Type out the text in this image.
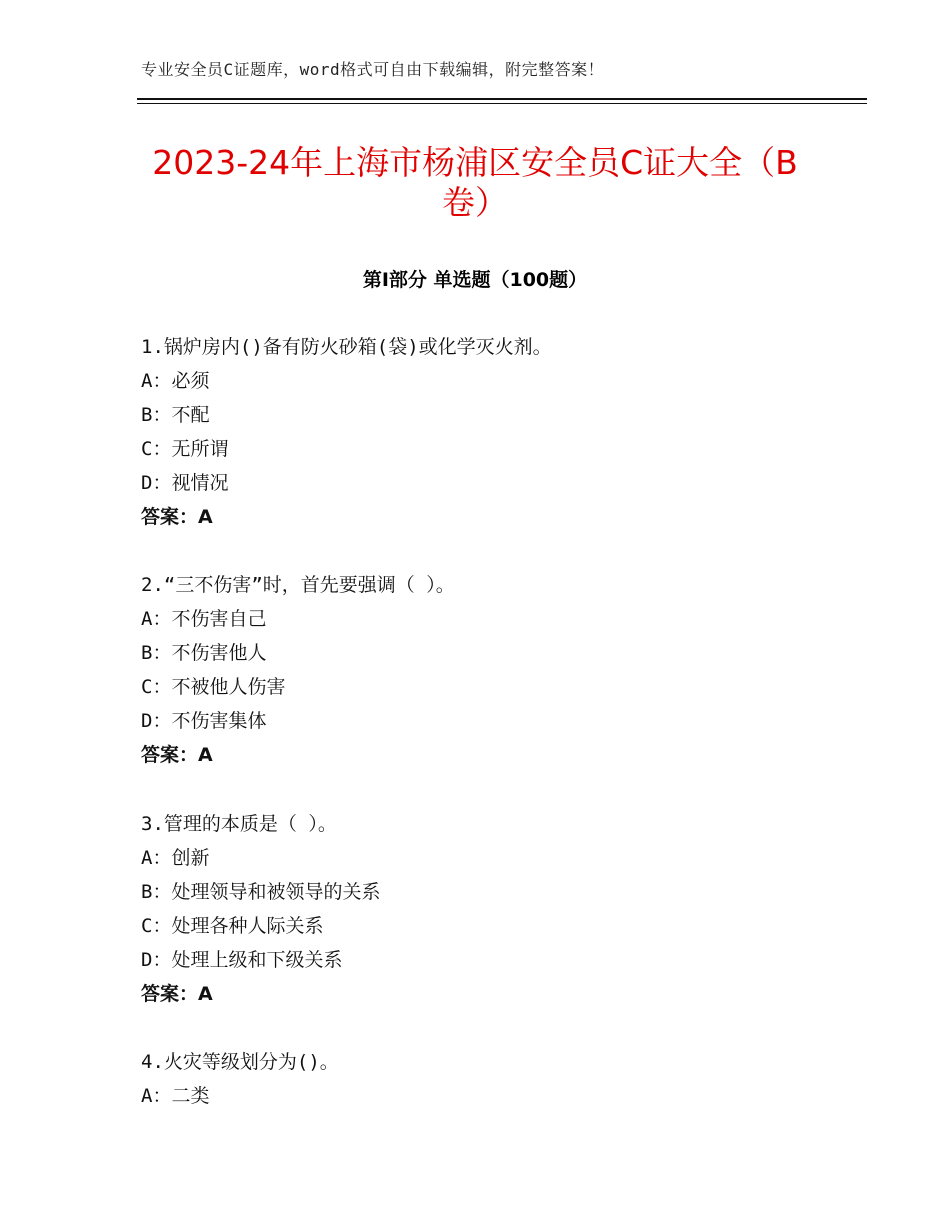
专业安全员C证题库，word格式可自由下载编辑，附完整答案！
2023-24年上海市杨浦区安全员C证大全（B
卷）
第Ⅰ部分 单选题（100题）
1.锅炉房内()备有防火砂箱(袋)或化学灭火剂。
A：必须
B：不配
C：无所谓
D：视情况
答案：A
2.“三不伤害”时，首先要强调（ ）。
A：不伤害自己
B：不伤害他人
C：不被他人伤害
D：不伤害集体
答案：A
3.管理的本质是（ ）。
A：创新
B：处理领导和被领导的关系
C：处理各种人际关系
D：处理上级和下级关系
答案：A
4.火灾等级划分为()。
A：二类
